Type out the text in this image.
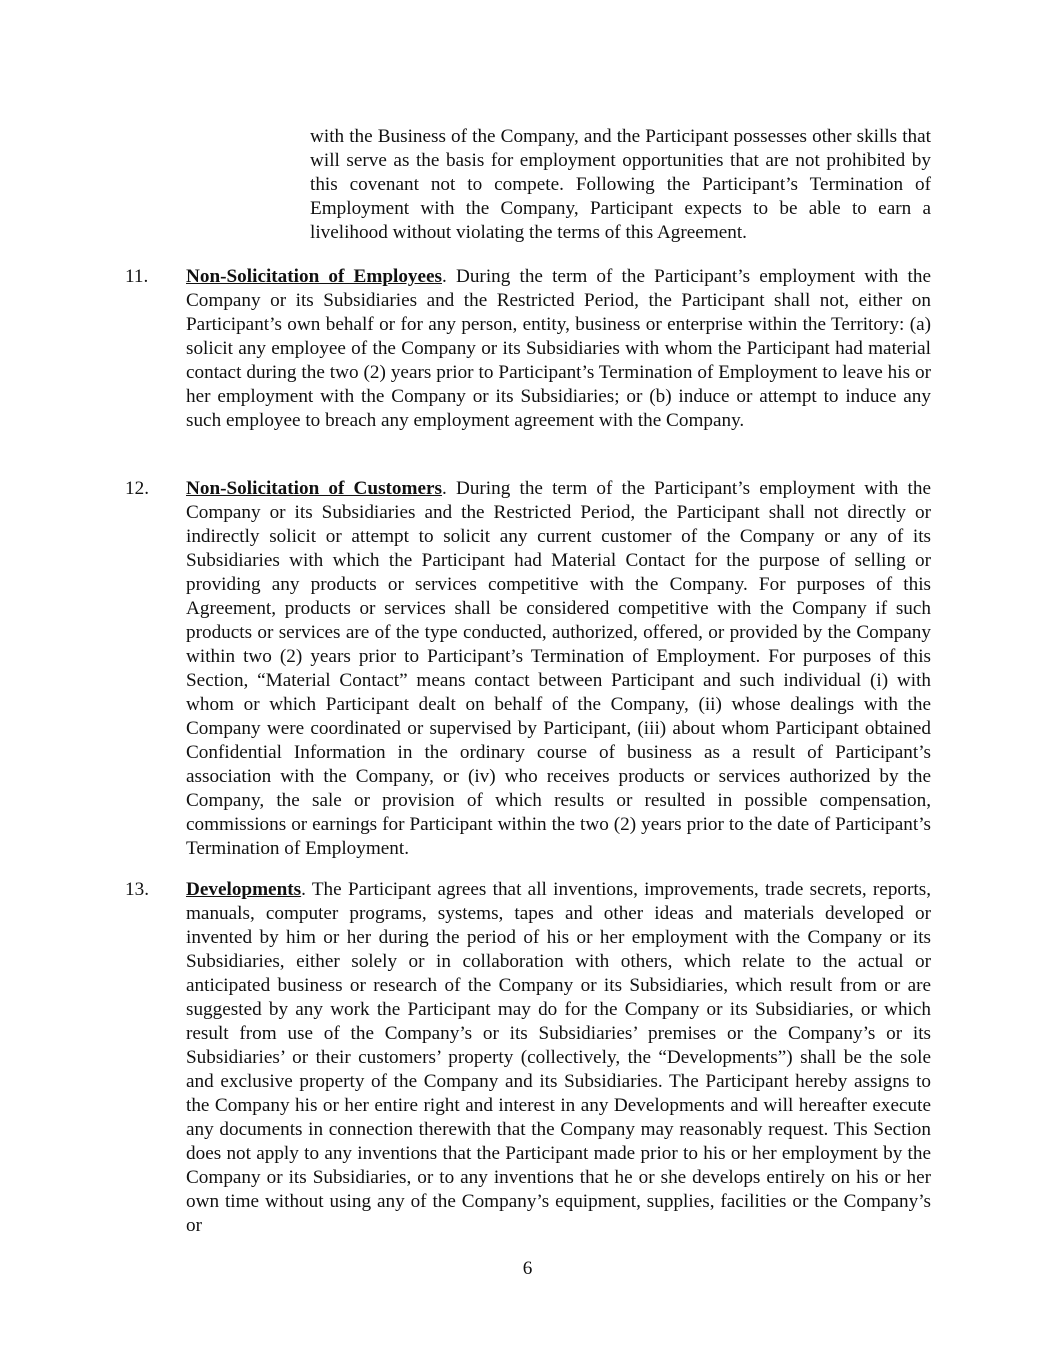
with the Business of the Company, and the Participant possesses other skills that will serve as the basis for employment opportunities that are not prohibited by this covenant not to compete. Following the Participant’s Termination of Employment with the Company, Participant expects to be able to earn a livelihood without violating the terms of this Agreement.
11. Non-Solicitation of Employees. During the term of the Participant’s employment with the Company or its Subsidiaries and the Restricted Period, the Participant shall not, either on Participant’s own behalf or for any person, entity, business or enterprise within the Territory: (a) solicit any employee of the Company or its Subsidiaries with whom the Participant had material contact during the two (2) years prior to Participant’s Termination of Employment to leave his or her employment with the Company or its Subsidiaries; or (b) induce or attempt to induce any such employee to breach any employment agreement with the Company.
12. Non-Solicitation of Customers. During the term of the Participant’s employment with the Company or its Subsidiaries and the Restricted Period, the Participant shall not directly or indirectly solicit or attempt to solicit any current customer of the Company or any of its Subsidiaries with which the Participant had Material Contact for the purpose of selling or providing any products or services competitive with the Company. For purposes of this Agreement, products or services shall be considered competitive with the Company if such products or services are of the type conducted, authorized, offered, or provided by the Company within two (2) years prior to Participant’s Termination of Employment. For purposes of this Section, “Material Contact” means contact between Participant and such individual (i) with whom or which Participant dealt on behalf of the Company, (ii) whose dealings with the Company were coordinated or supervised by Participant, (iii) about whom Participant obtained Confidential Information in the ordinary course of business as a result of Participant’s association with the Company, or (iv) who receives products or services authorized by the Company, the sale or provision of which results or resulted in possible compensation, commissions or earnings for Participant within the two (2) years prior to the date of Participant’s Termination of Employment.
13. Developments. The Participant agrees that all inventions, improvements, trade secrets, reports, manuals, computer programs, systems, tapes and other ideas and materials developed or invented by him or her during the period of his or her employment with the Company or its Subsidiaries, either solely or in collaboration with others, which relate to the actual or anticipated business or research of the Company or its Subsidiaries, which result from or are suggested by any work the Participant may do for the Company or its Subsidiaries, or which result from use of the Company’s or its Subsidiaries’ premises or the Company’s or its Subsidiaries’ or their customers’ property (collectively, the “Developments”) shall be the sole and exclusive property of the Company and its Subsidiaries. The Participant hereby assigns to the Company his or her entire right and interest in any Developments and will hereafter execute any documents in connection therewith that the Company may reasonably request. This Section does not apply to any inventions that the Participant made prior to his or her employment by the Company or its Subsidiaries, or to any inventions that he or she develops entirely on his or her own time without using any of the Company’s equipment, supplies, facilities or the Company’s or
6
